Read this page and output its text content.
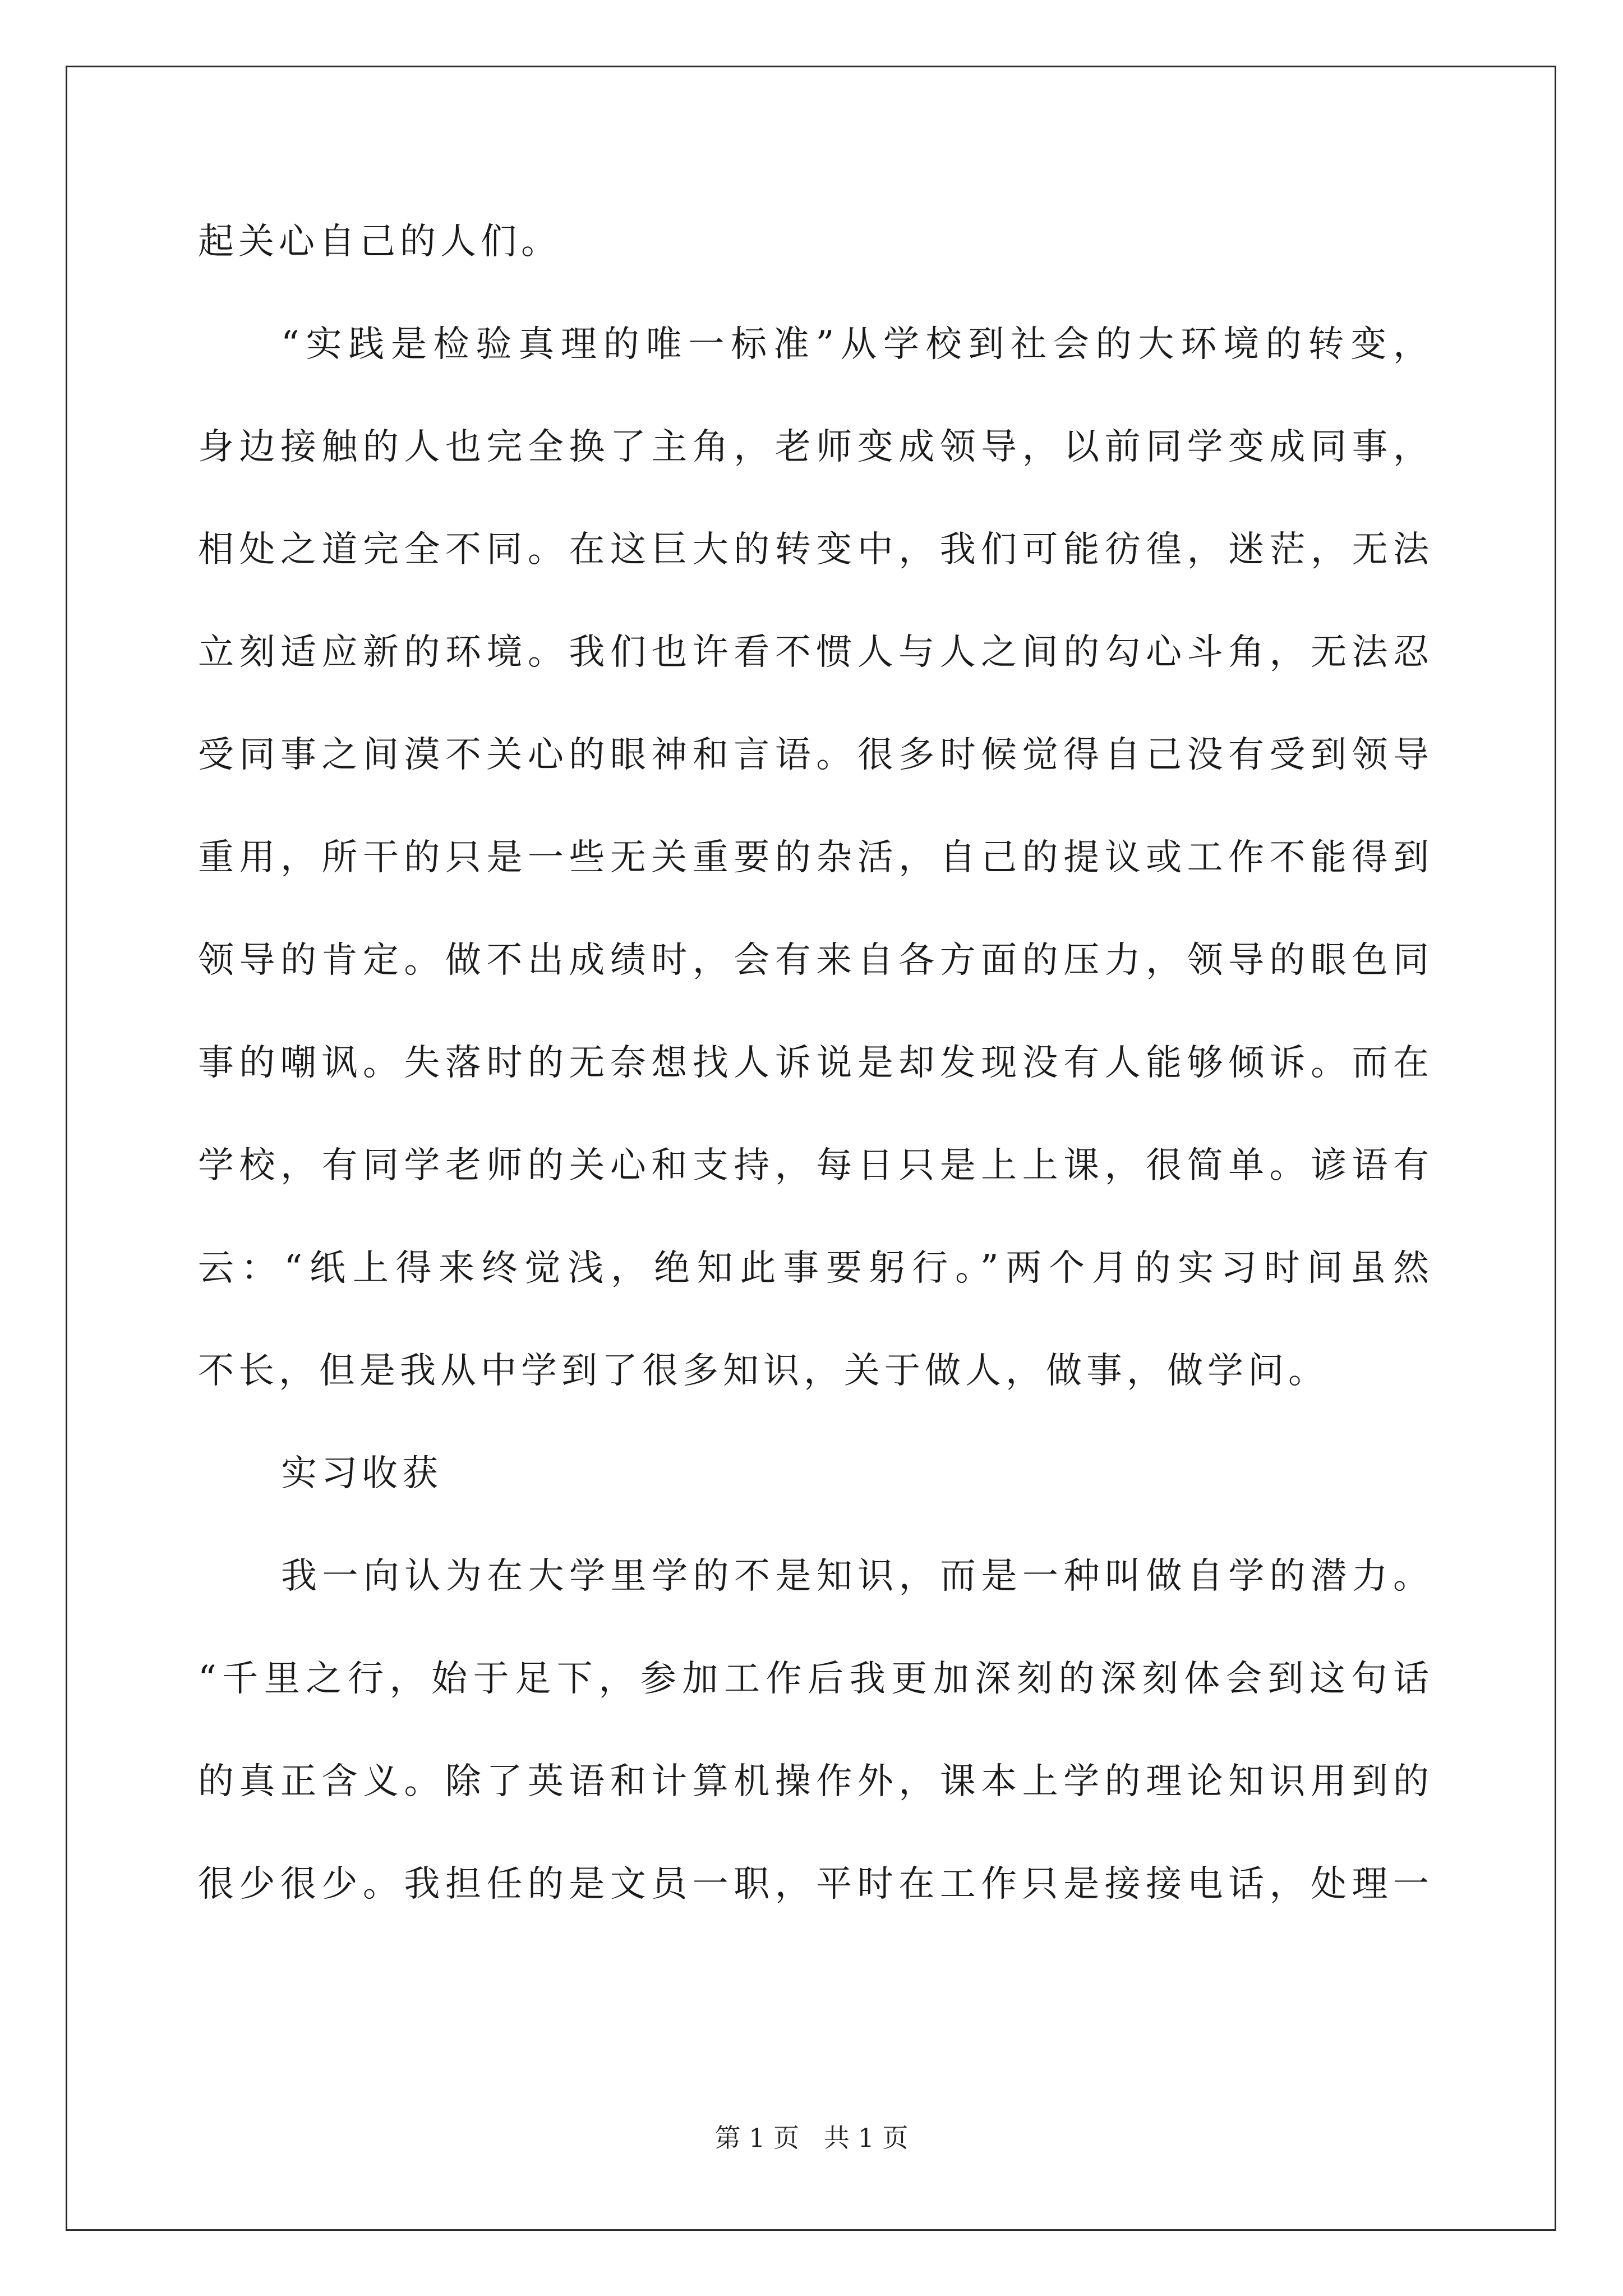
起关心自己的人们。
“实践是检验真理的唯一标准”从学校到社会的大环境的转变，
身边接触的人也完全换了主角，老师变成领导，以前同学变成同事，
相处之道完全不同。在这巨大的转变中，我们可能彷徨，迷茫，无法
立刻适应新的环境。我们也许看不惯人与人之间的勾心斗角，无法忍
受同事之间漠不关心的眼神和言语。很多时候觉得自己没有受到领导
重用，所干的只是一些无关重要的杂活，自己的提议或工作不能得到
领导的肯定。做不出成绩时，会有来自各方面的压力，领导的眼色同
事的嘲讽。失落时的无奈想找人诉说是却发现没有人能够倾诉。而在
学校，有同学老师的关心和支持，每日只是上上课，很简单。谚语有
云：“纸上得来终觉浅，绝知此事要躬行。”两个月的实习时间虽然
不长，但是我从中学到了很多知识，关于做人，做事，做学问。
实习收获
我一向认为在大学里学的不是知识，而是一种叫做自学的潜力。
“千里之行，始于足下，参加工作后我更加深刻的深刻体会到这句话
的真正含义。除了英语和计算机操作外，课本上学的理论知识用到的
很少很少。我担任的是文员一职，平时在工作只是接接电话，处理一
第 1 页   共 1 页
